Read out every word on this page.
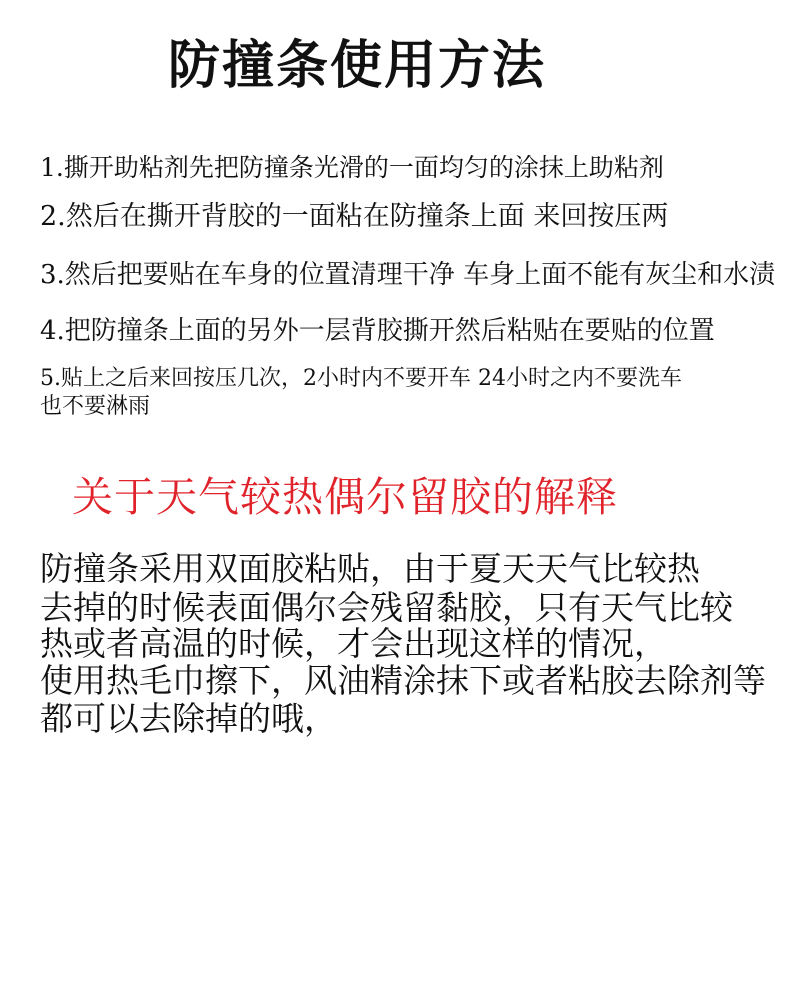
防撞条使用方法
1.撕开助粘剂先把防撞条光滑的一面均匀的涂抹上助粘剂
2.然后在撕开背胶的一面粘在防撞条上面 来回按压两
3.然后把要贴在车身的位置清理干净 车身上面不能有灰尘和水渍
4.把防撞条上面的另外一层背胶撕开然后粘贴在要贴的位置
5.贴上之后来回按压几次，2小时内不要开车 24小时之内不要洗车
也不要淋雨
关于天气较热偶尔留胶的解释
防撞条采用双面胶粘贴，由于夏天天气比较热
去掉的时候表面偶尔会残留黏胶，只有天气比较
热或者高温的时候，才会出现这样的情况，
使用热毛巾擦下，风油精涂抹下或者粘胶去除剂等
都可以去除掉的哦，
